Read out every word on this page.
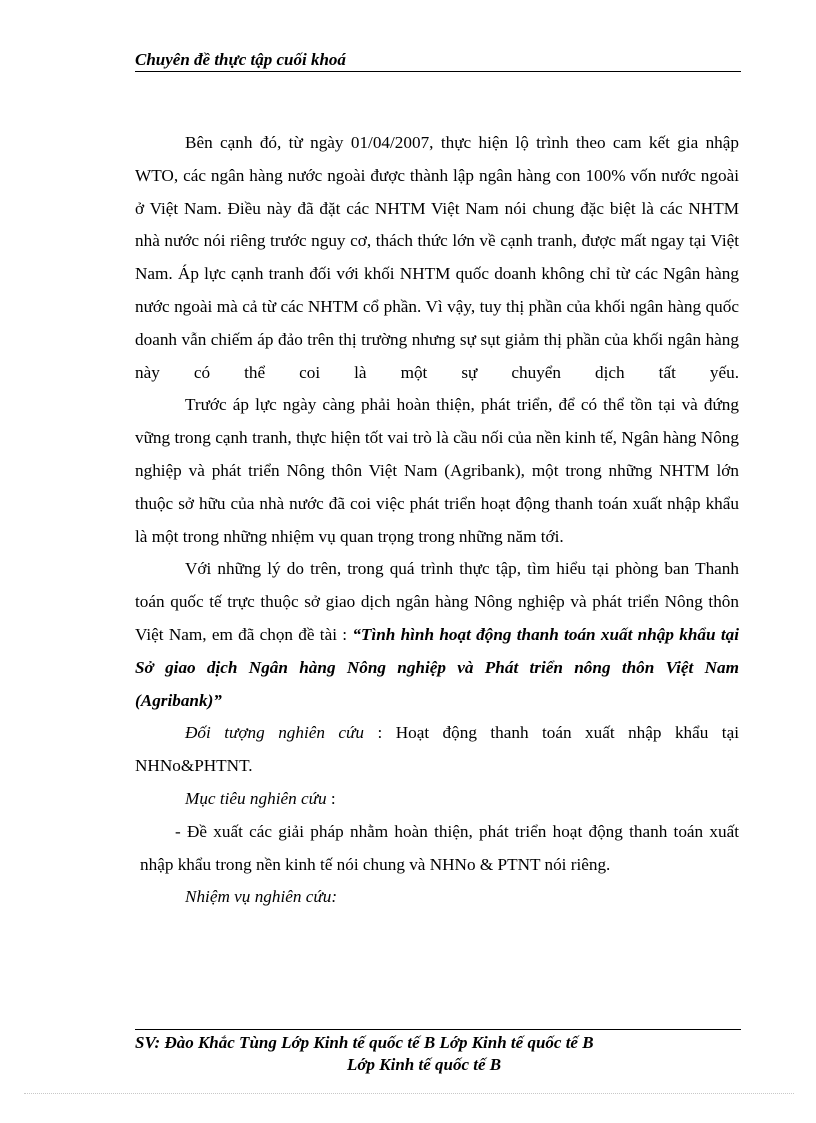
Chuyên đề thực tập cuối khoá

Bên cạnh đó, từ ngày 01/04/2007, thực hiện lộ trình theo cam kết gia nhập WTO, các ngân hàng nước ngoài được thành lập ngân hàng con 100% vốn nước ngoài ở Việt Nam. Điều này đã đặt các NHTM Việt Nam nói chung đặc biệt là các NHTM nhà nước nói riêng trước nguy cơ, thách thức lớn về cạnh tranh, được mất ngay tại Việt Nam. Áp lực cạnh tranh đối với khối NHTM quốc doanh không chỉ từ các Ngân hàng nước ngoài mà cả từ các NHTM cổ phần. Vì vậy, tuy thị phần của khối ngân hàng quốc doanh vẫn chiếm áp đảo trên thị trường nhưng sự sụt giảm thị phần của khối ngân hàng này có thể coi là một sự chuyển dịch tất yếu.

Trước áp lực ngày càng phải hoàn thiện, phát triển, để có thể tồn tại và đứng vững trong cạnh tranh, thực hiện tốt vai trò là cầu nối của nền kinh tế, Ngân hàng Nông nghiệp và phát triển Nông thôn Việt Nam (Agribank), một trong những NHTM lớn thuộc sở hữu của nhà nước đã coi việc phát triển hoạt động thanh toán xuất nhập khẩu là một trong những nhiệm vụ quan trọng trong những năm tới.

Với những lý do trên, trong quá trình thực tập, tìm hiểu tại phòng ban Thanh toán quốc tế trực thuộc sở giao dịch ngân hàng Nông nghiệp và phát triển Nông thôn Việt Nam, em đã chọn đề tài : “Tình hình hoạt động thanh toán xuất nhập khẩu tại Sở giao dịch Ngân hàng Nông nghiệp và Phát triển nông thôn Việt Nam (Agribank)”

Đối tượng nghiên cứu : Hoạt động thanh toán xuất nhập khẩu tại NHNo&PHTNT.

Mục tiêu nghiên cứu :

- Đề xuất các giải pháp nhằm hoàn thiện, phát triển hoạt động thanh toán xuất nhập khẩu trong nền kinh tế nói chung và NHNo & PTNT nói riêng.

Nhiệm vụ nghiên cứu:

SV: Đào Khắc Tùng Lớp Kinh tế quốc tế B Lớp Kinh tế quốc tế B
Lớp Kinh tế quốc tế B
